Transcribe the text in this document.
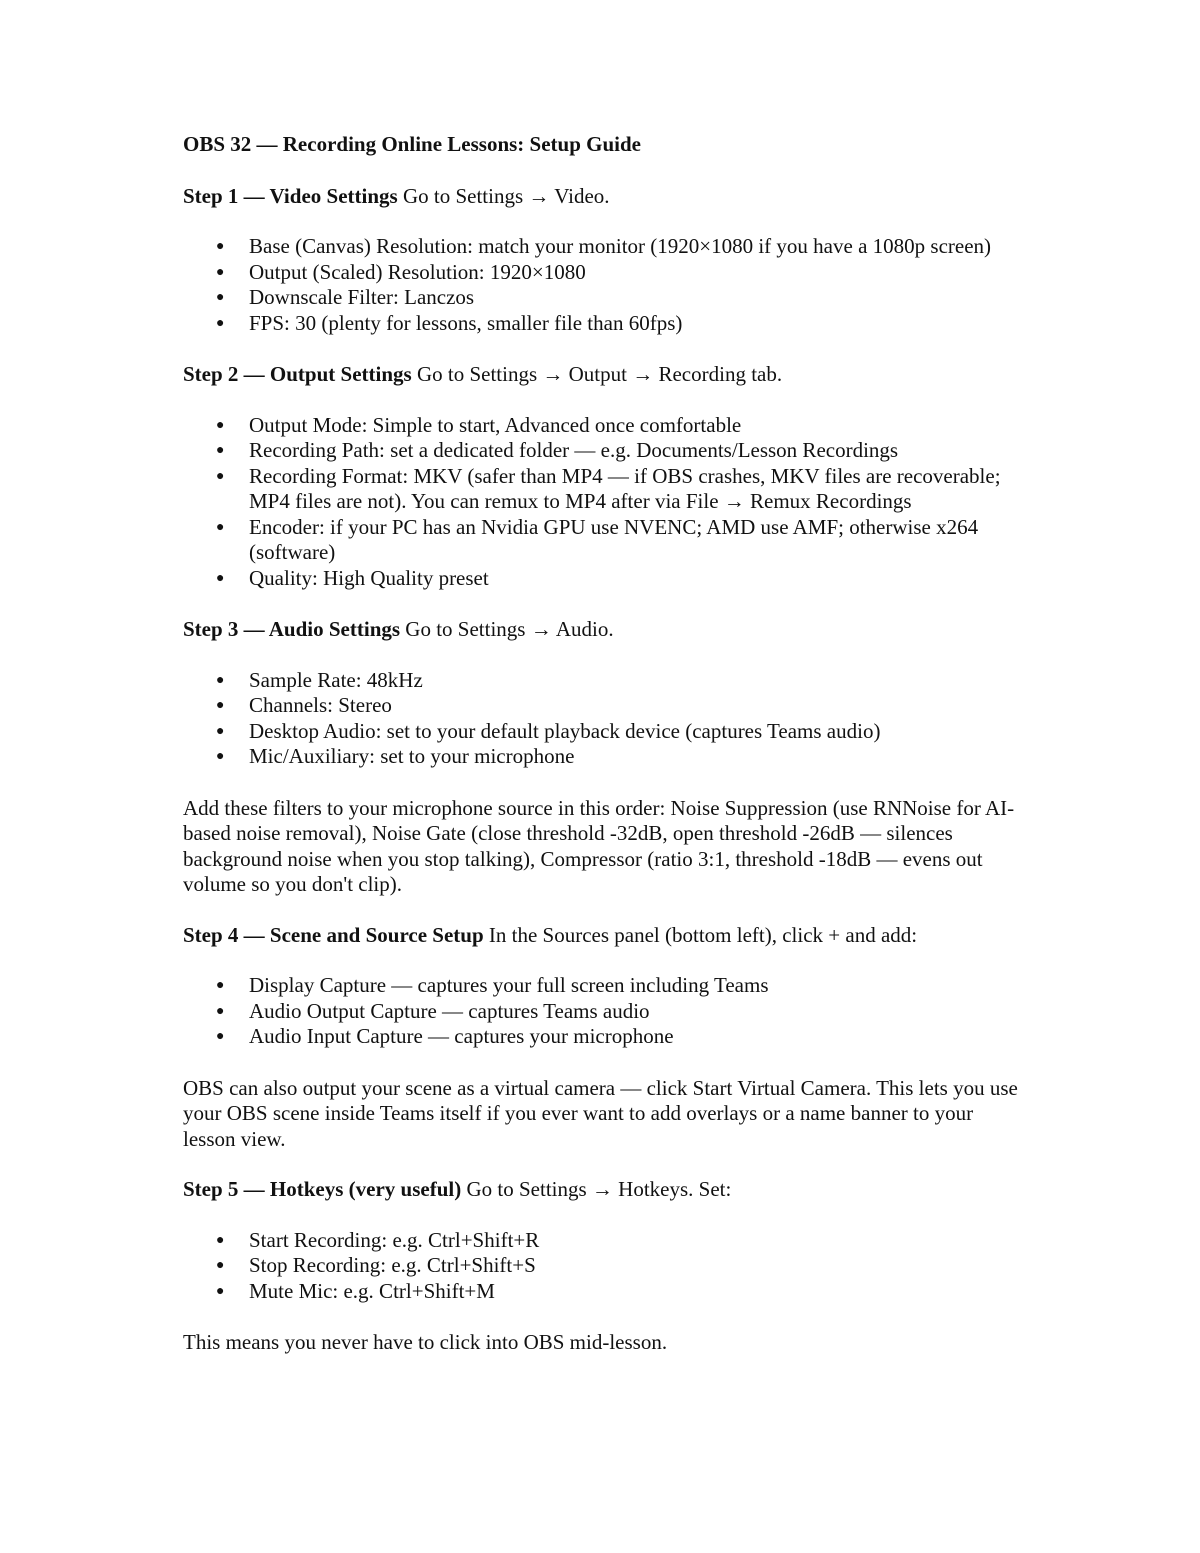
OBS 32 — Recording Online Lessons: Setup Guide

Step 1 — Video Settings Go to Settings → Video.

● Base (Canvas) Resolution: match your monitor (1920×1080 if you have a 1080p screen)
● Output (Scaled) Resolution: 1920×1080
● Downscale Filter: Lanczos
● FPS: 30 (plenty for lessons, smaller file than 60fps)

Step 2 — Output Settings Go to Settings → Output → Recording tab.

● Output Mode: Simple to start, Advanced once comfortable
● Recording Path: set a dedicated folder — e.g. Documents/Lesson Recordings
● Recording Format: MKV (safer than MP4 — if OBS crashes, MKV files are recoverable; MP4 files are not). You can remux to MP4 after via File → Remux Recordings
● Encoder: if your PC has an Nvidia GPU use NVENC; AMD use AMF; otherwise x264 (software)
● Quality: High Quality preset

Step 3 — Audio Settings Go to Settings → Audio.

● Sample Rate: 48kHz
● Channels: Stereo
● Desktop Audio: set to your default playback device (captures Teams audio)
● Mic/Auxiliary: set to your microphone

Add these filters to your microphone source in this order: Noise Suppression (use RNNoise for AI-based noise removal), Noise Gate (close threshold -32dB, open threshold -26dB — silences background noise when you stop talking), Compressor (ratio 3:1, threshold -18dB — evens out volume so you don't clip).

Step 4 — Scene and Source Setup In the Sources panel (bottom left), click + and add:

● Display Capture — captures your full screen including Teams
● Audio Output Capture — captures Teams audio
● Audio Input Capture — captures your microphone

OBS can also output your scene as a virtual camera — click Start Virtual Camera. This lets you use your OBS scene inside Teams itself if you ever want to add overlays or a name banner to your lesson view.

Step 5 — Hotkeys (very useful) Go to Settings → Hotkeys. Set:

● Start Recording: e.g. Ctrl+Shift+R
● Stop Recording: e.g. Ctrl+Shift+S
● Mute Mic: e.g. Ctrl+Shift+M

This means you never have to click into OBS mid-lesson.
